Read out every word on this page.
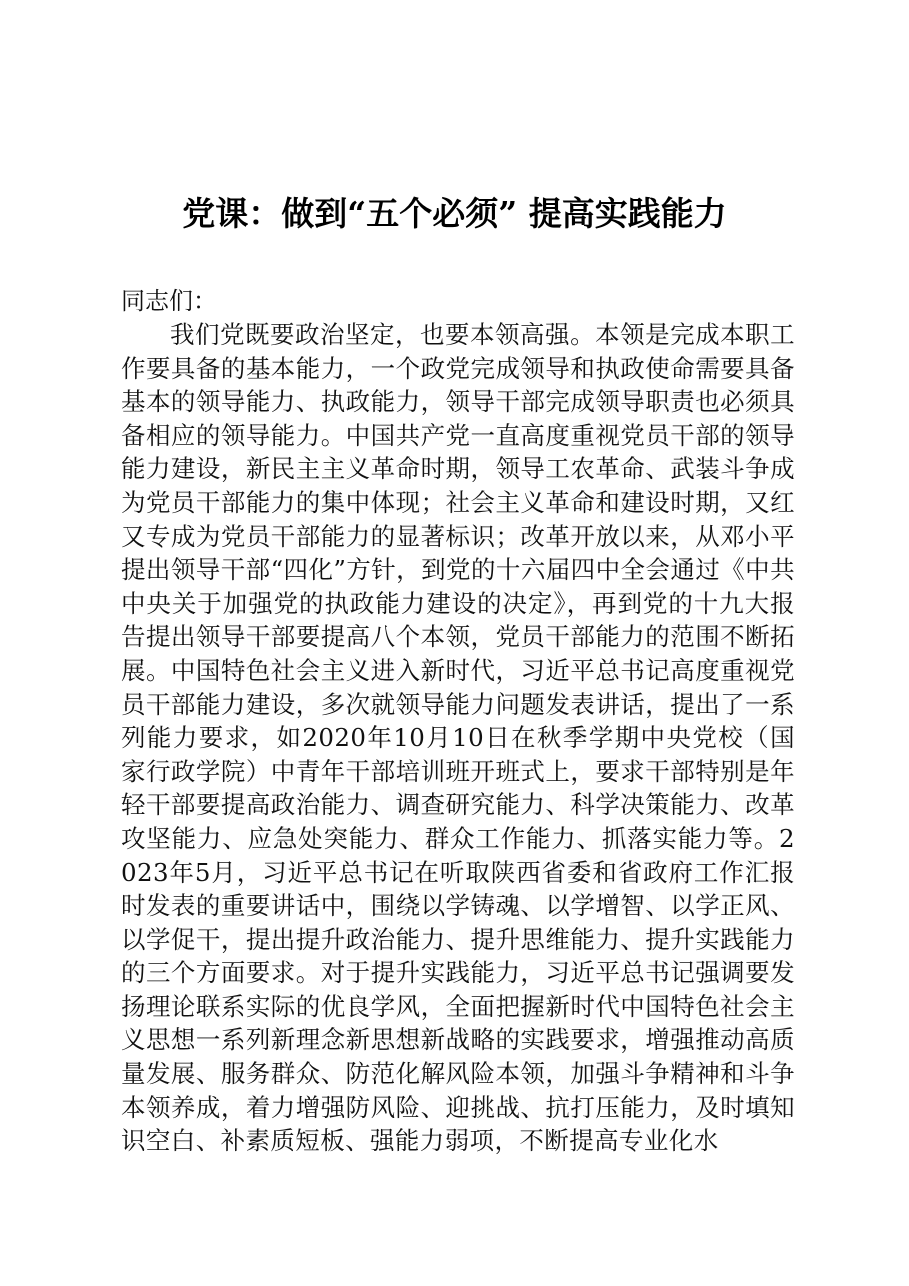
党课：做到“五个必须” 提高实践能力

同志们：

我们党既要政治坚定，也要本领高强。本领是完成本职工作要具备的基本能力，一个政党完成领导和执政使命需要具备基本的领导能力、执政能力，领导干部完成领导职责也必须具备相应的领导能力。中国共产党一直高度重视党员干部的领导能力建设，新民主主义革命时期，领导工农革命、武装斗争成为党员干部能力的集中体现；社会主义革命和建设时期，又红又专成为党员干部能力的显著标识；改革开放以来，从邓小平提出领导干部“四化”方针，到党的十六届四中全会通过《中共中央关于加强党的执政能力建设的决定》，再到党的十九大报告提出领导干部要提高八个本领，党员干部能力的范围不断拓展。中国特色社会主义进入新时代，习近平总书记高度重视党员干部能力建设，多次就领导能力问题发表讲话，提出了一系列能力要求，如2020年10月10日在秋季学期中央党校（国家行政学院）中青年干部培训班开班式上，要求干部特别是年轻干部要提高政治能力、调查研究能力、科学决策能力、改革攻坚能力、应急处突能力、群众工作能力、抓落实能力等。2023年5月，习近平总书记在听取陕西省委和省政府工作汇报时发表的重要讲话中，围绕以学铸魂、以学增智、以学正风、以学促干，提出提升政治能力、提升思维能力、提升实践能力的三个方面要求。对于提升实践能力，习近平总书记强调要发扬理论联系实际的优良学风，全面把握新时代中国特色社会主义思想一系列新理念新思想新战略的实践要求，增强推动高质量发展、服务群众、防范化解风险本领，加强斗争精神和斗争本领养成，着力增强防风险、迎挑战、抗打压能力，及时填知识空白、补素质短板、强能力弱项，不断提高专业化水
